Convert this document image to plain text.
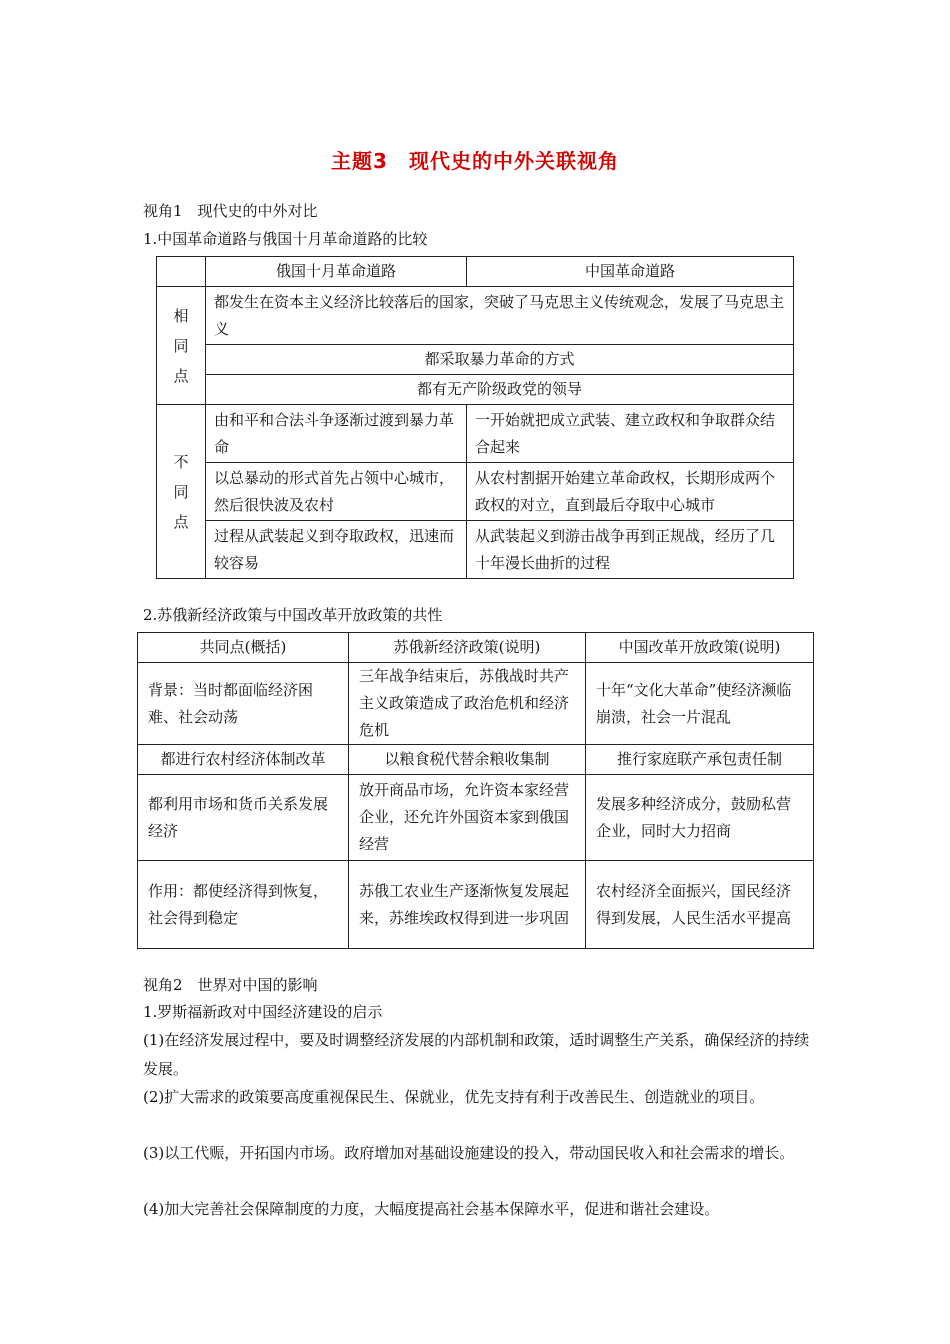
主题3　现代史的中外关联视角
视角1　现代史的中外对比
1.中国革命道路与俄国十月革命道路的比较
	俄国十月革命道路	中国革命道路
相
同
点	都发生在资本主义经济比较落后的国家，突破了马克思主义传统观念，发展了马克思主义	
	都采取暴力革命的方式	
	都有无产阶级政党的领导	
不
同
点	由和平和合法斗争逐渐过渡到暴力革命	一开始就把成立武装、建立政权和争取群众结合起来
	以总暴动的形式首先占领中心城市，然后很快波及农村	从农村割据开始建立革命政权，长期形成两个政权的对立，直到最后夺取中心城市
	过程从武装起义到夺取政权，迅速而较容易	从武装起义到游击战争再到正规战，经历了几十年漫长曲折的过程
2.苏俄新经济政策与中国改革开放政策的共性
共同点(概括)	苏俄新经济政策(说明)	中国改革开放政策(说明)
背景：当时都面临经济困难、社会动荡	三年战争结束后，苏俄战时共产主义政策造成了政治危机和经济危机	十年“文化大革命”使经济濒临崩溃，社会一片混乱
都进行农村经济体制改革	以粮食税代替余粮收集制	推行家庭联产承包责任制
都利用市场和货币关系发展经济	放开商品市场，允许资本家经营企业，还允许外国资本家到俄国经营	发展多种经济成分，鼓励私营企业，同时大力招商
作用：都使经济得到恢复，社会得到稳定	苏俄工农业生产逐渐恢复发展起来，苏维埃政权得到进一步巩固	农村经济全面振兴，国民经济得到发展，人民生活水平提高
视角2　世界对中国的影响
1.罗斯福新政对中国经济建设的启示
(1)在经济发展过程中，要及时调整经济发展的内部机制和政策，适时调整生产关系，确保经济的持续发展。
(2)扩大需求的政策要高度重视保民生、保就业，优先支持有利于改善民生、创造就业的项目。
(3)以工代赈，开拓国内市场。政府增加对基础设施建设的投入，带动国民收入和社会需求的增长。
(4)加大完善社会保障制度的力度，大幅度提高社会基本保障水平，促进和谐社会建设。
